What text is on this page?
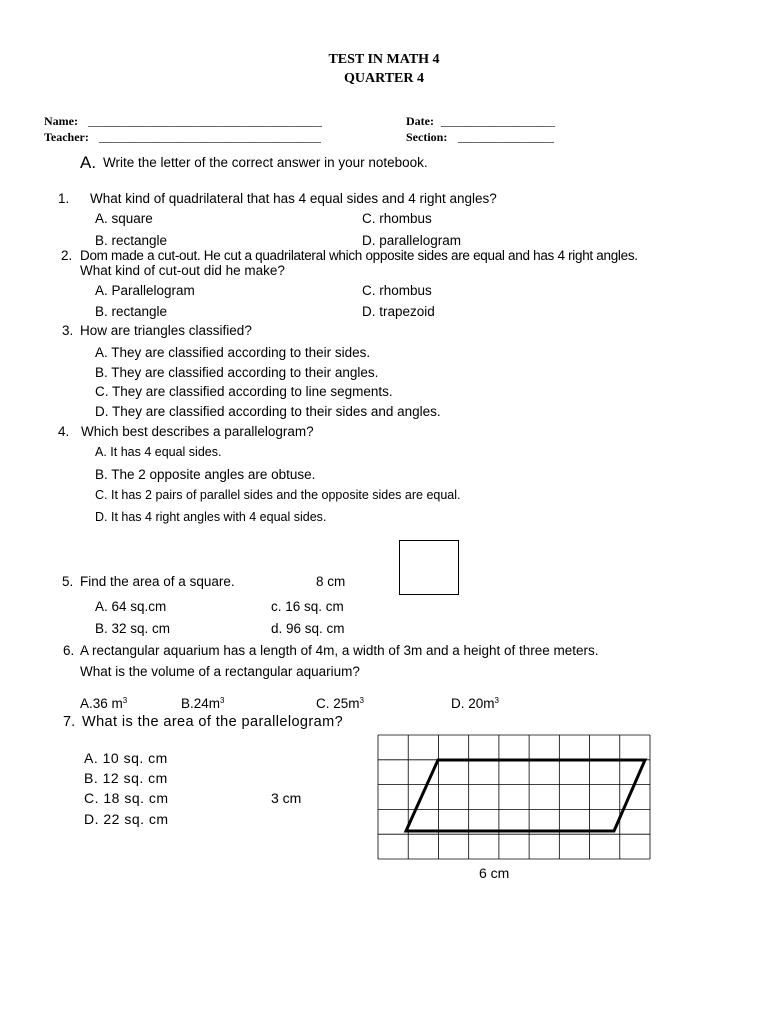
TEST IN MATH 4
QUARTER 4
Name: _______________________________________	Date: ___________________
Teacher: _____________________________________	Section: ________________
A. Write the letter of the correct answer in your notebook.
1. What kind of quadrilateral that has 4 equal sides and 4 right angles?
A. square	C. rhombus
B. rectangle	D. parallelogram
2. Dom made a cut-out. He cut a quadrilateral which opposite sides are equal and has 4 right angles.
What kind of cut-out did he make?
A. Parallelogram	C. rhombus
B. rectangle	D. trapezoid
3. How are triangles classified?
A. They are classified according to their sides.
B. They are classified according to their angles.
C. They are classified according to line segments.
D. They are classified according to their sides and angles.
4. Which best describes a parallelogram?
A. It has 4 equal sides.
B. The 2 opposite angles are obtuse.
C. It has 2 pairs of parallel sides and the opposite sides are equal.
D. It has 4 right angles with 4 equal sides.
5. Find the area of a square.	8 cm
A. 64 sq.cm	c. 16 sq. cm
B. 32 sq. cm	d. 96 sq. cm
6. A rectangular aquarium has a length of 4m, a width of 3m and a height of three meters.
What is the volume of a rectangular aquarium?
A.36 $m^3$	$B.24m^3$	C. $25m^3$	D. $20m^3$
7. What is the area of the parallelogram?
A. 10 sq. cm
B. 12 sq. cm
C. 18 sq. cm
D. 22 sq. cm
3 cm
6 cm
